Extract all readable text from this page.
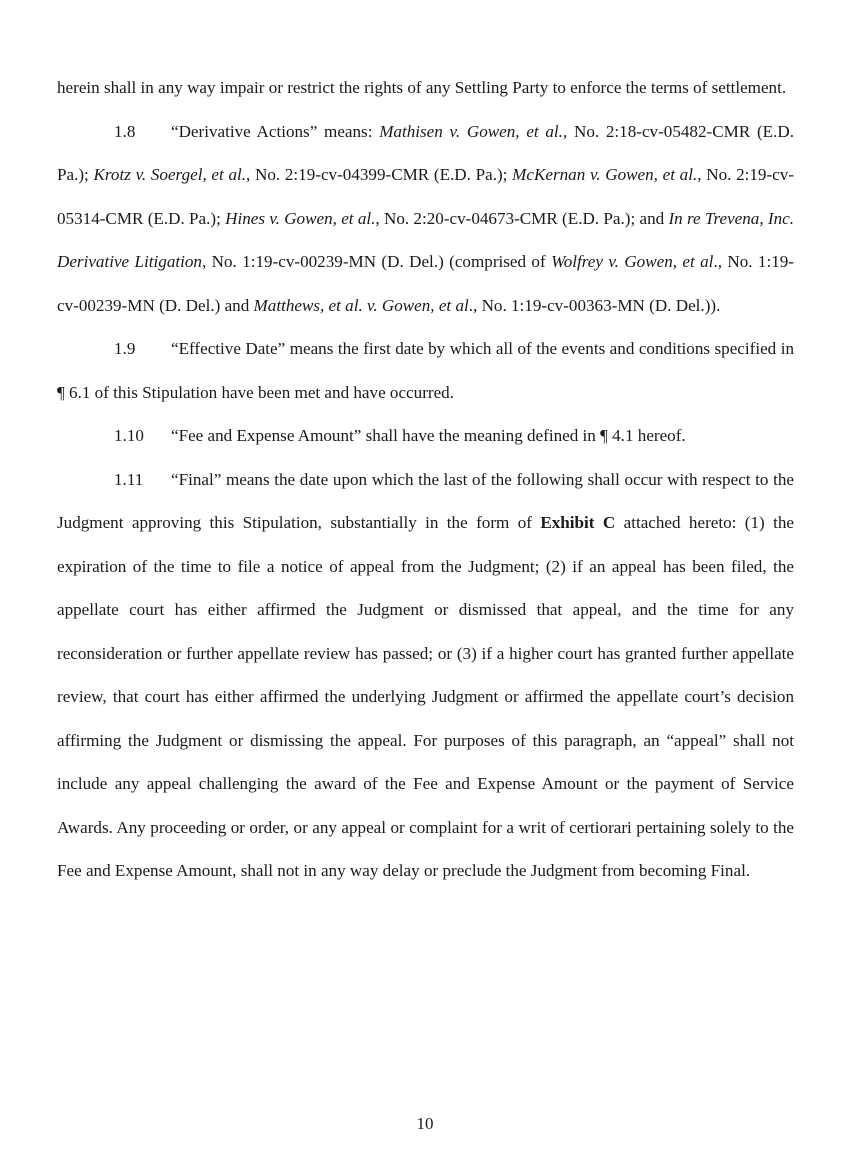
herein shall in any way impair or restrict the rights of any Settling Party to enforce the terms of settlement.

1.8 “Derivative Actions” means: Mathisen v. Gowen, et al., No. 2:18-cv-05482-CMR (E.D. Pa.); Krotz v. Soergel, et al., No. 2:19-cv-04399-CMR (E.D. Pa.); McKernan v. Gowen, et al., No. 2:19-cv-05314-CMR (E.D. Pa.); Hines v. Gowen, et al., No. 2:20-cv-04673-CMR (E.D. Pa.); and In re Trevena, Inc. Derivative Litigation, No. 1:19-cv-00239-MN (D. Del.) (comprised of Wolfrey v. Gowen, et al., No. 1:19-cv-00239-MN (D. Del.) and Matthews, et al. v. Gowen, et al., No. 1:19-cv-00363-MN (D. Del.)).

1.9 “Effective Date” means the first date by which all of the events and conditions specified in ¶ 6.1 of this Stipulation have been met and have occurred.

1.10 “Fee and Expense Amount” shall have the meaning defined in ¶ 4.1 hereof.

1.11 “Final” means the date upon which the last of the following shall occur with respect to the Judgment approving this Stipulation, substantially in the form of Exhibit C attached hereto: (1) the expiration of the time to file a notice of appeal from the Judgment; (2) if an appeal has been filed, the appellate court has either affirmed the Judgment or dismissed that appeal, and the time for any reconsideration or further appellate review has passed; or (3) if a higher court has granted further appellate review, that court has either affirmed the underlying Judgment or affirmed the appellate court’s decision affirming the Judgment or dismissing the appeal. For purposes of this paragraph, an “appeal” shall not include any appeal challenging the award of the Fee and Expense Amount or the payment of Service Awards. Any proceeding or order, or any appeal or complaint for a writ of certiorari pertaining solely to the Fee and Expense Amount, shall not in any way delay or preclude the Judgment from becoming Final.

10
